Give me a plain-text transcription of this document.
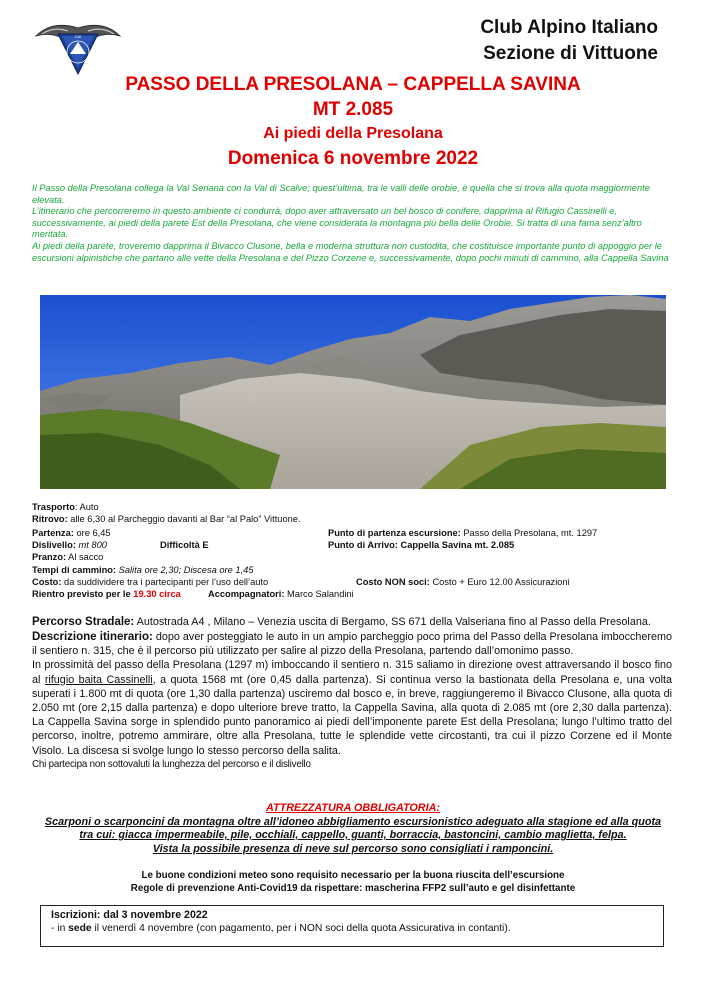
CAI	Club Alpino Italiano
Sezione di Vittuone
PASSO DELLA PRESOLANA – CAPPELLA SAVINA
MT 2.085
Ai piedi della Presolana
Domenica 6 novembre 2022

Il Passo della Presolana collega la Val Seriana con la Val di Scalve; quest’ultima, tra le valli delle orobie, è quella che si trova alla quota maggiormente elevata.

L’itinerario che percorreremo in questo ambiente ci condurrà, dopo aver attraversato un bel bosco di conifere, dapprima al Rifugio Cassinelli e, successivamente, ai piedi della parete Est della Presolana, che viene considerata la montagna più bella delle Orobie. Si tratta di una fama senz’altro meritata.

Ai piedi della parete, troveremo dapprima il Bivacco Clusone, bella e moderna struttura non custodita, che costituisce importante punto di appoggio per le escursioni alpinistiche che partano alle vette della Presolana e del Pizzo Corzene e, successivamente, dopo pochi minuti di cammino, alla Cappella Savina

Trasporto: Auto
Ritrovo: alle 6,30 al Parcheggio davanti al Bar “al Palo” Vittuone.
Partenza: ore 6,45	Punto di partenza escursione: Passo della Presolana, mt. 1297
Dislivello: mt 800	Difficoltà E	Punto di Arrivo: Cappella Savina mt. 2.085
Pranzo: Al sacco
Tempi di cammino: Salita ore 2,30; Discesa ore 1,45
Costo: da suddividere tra i partecipanti per l’uso dell’auto	Costo NON soci: Costo + Euro 12.00 Assicurazioni
Rientro previsto per le 19.30 circa	Accompagnatori: Marco Salandini

Percorso Stradale: Autostrada A4 , Milano – Venezia uscita di Bergamo, SS 671 della Valseriana fino al Passo della Presolana.

Descrizione itinerario: dopo aver posteggiato le auto in un ampio parcheggio poco prima del Passo della Presolana imboccheremo il sentiero n. 315, che è il percorso più utilizzato per salire al pizzo della Presolana, partendo dall’omonimo passo.

In prossimità del passo della Presolana (1297 m) imboccando il sentiero n. 315 saliamo in direzione ovest attraversando il bosco fino al rifugio baita Cassinelli, a quota 1568 mt (ore 0,45 dalla partenza). Si continua verso la bastionata della Presolana e, una volta superati i 1.800 mt di quota (ore 1,30 dalla partenza) usciremo dal bosco e, in breve, raggiungeremo il Bivacco Clusone, alla quota di 2.050 mt (ore 2,15 dalla partenza) e dopo ulteriore breve tratto, la Cappella Savina, alla quota di 2.085 mt (ore 2,30 dalla partenza). La Cappella Savina sorge in splendido punto panoramico ai piedi dell’imponente parete Est della Presolana; lungo l’ultimo tratto del percorso, inoltre, potremo ammirare, oltre alla Presolana, tutte le splendide vette circostanti, tra cui il pizzo Corzene ed il Monte Visolo. La discesa si svolge lungo lo stesso percorso della salita.

Chi partecipa non sottovaluti la lunghezza del percorso e il dislivello

ATTREZZATURA OBBLIGATORIA:
Scarponi o scarponcini da montagna oltre all’idoneo abbigliamento escursionistico adeguato alla stagione ed alla quota
tra cui: giacca impermeabile, pile, occhiali, cappello, guanti, borraccia, bastoncini, cambio maglietta, felpa.
Vista la possibile presenza di neve sul percorso sono consigliati i ramponcini.
Le buone condizioni meteo sono requisito necessario per la buona riuscita dell’escursione
Regole di prevenzione Anti-Covid19 da rispettare: mascherina FFP2 sull’auto e gel disinfettante
Iscrizioni: dal 3 novembre 2022
- in sede il venerdì 4 novembre (con pagamento, per i NON soci della quota Assicurativa in contanti).
